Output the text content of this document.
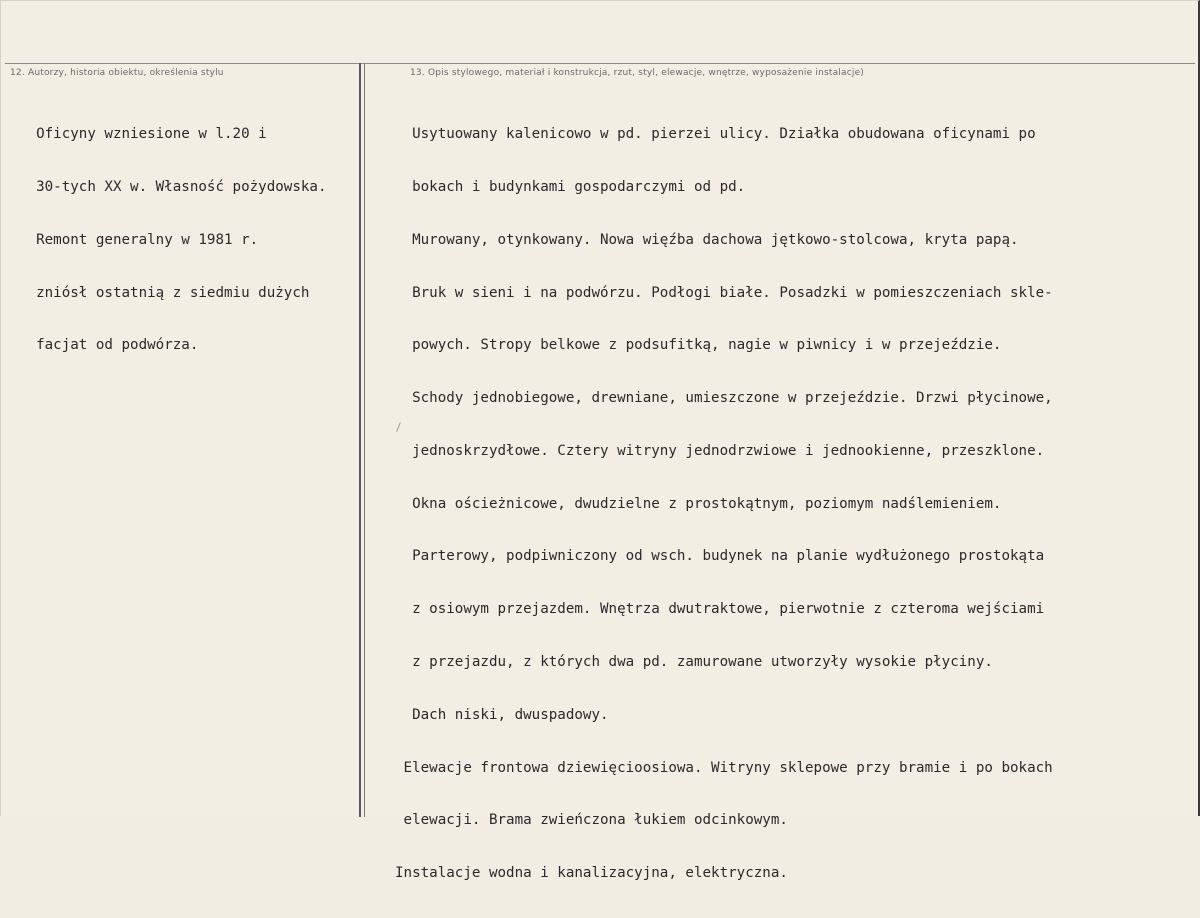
12. Autorzy, historia obiektu, określenia stylu	13. Opis stylowego, materiał i konstrukcja, rzut, styl, elewacje, wnętrze, wyposażenie instalacje)

Oficyny wzniesione w l.20 i

30-tych XX w. Własność pożydowska.

Remont generalny w 1981 r.

zniósł ostatnią z siedmiu dużych

facjat od podwórza.

Usytuowany kalenicowo w pd. pierzei ulicy. Działka obudowana oficynami po

bokach i budynkami gospodarczymi od pd.

Murowany, otynkowany. Nowa więźba dachowa jętkowo-stolcowa, kryta papą.

Bruk w sieni i na podwórzu. Podłogi białe. Posadzki w pomieszczeniach skle-

powych. Stropy belkowe z podsufitką, nagie w piwnicy i w przejeździe.

Schody jednobiegowe, drewniane, umieszczone w przejeździe. Drzwi płycinowe,

jednoskrzydłowe. Cztery witryny jednodrzwiowe i jednookienne, przeszklone.

Okna ościeżnicowe, dwudzielne z prostokątnym, poziomym nadślemieniem.

Parterowy, podpiwniczony od wsch. budynek na planie wydłużonego prostokąta

z osiowym przejazdem. Wnętrza dwutraktowe, pierwotnie z czteroma wejściami

z przejazdu, z których dwa pd. zamurowane utworzyły wysokie płyciny.

Dach niski, dwuspadowy.

Elewacje frontowa dziewięcioosiowa. Witryny sklepowe przy bramie i po bokach

elewacji. Brama zwieńczona łukiem odcinkowym.

Instalacje wodna i kanalizacyjna, elektryczna.
